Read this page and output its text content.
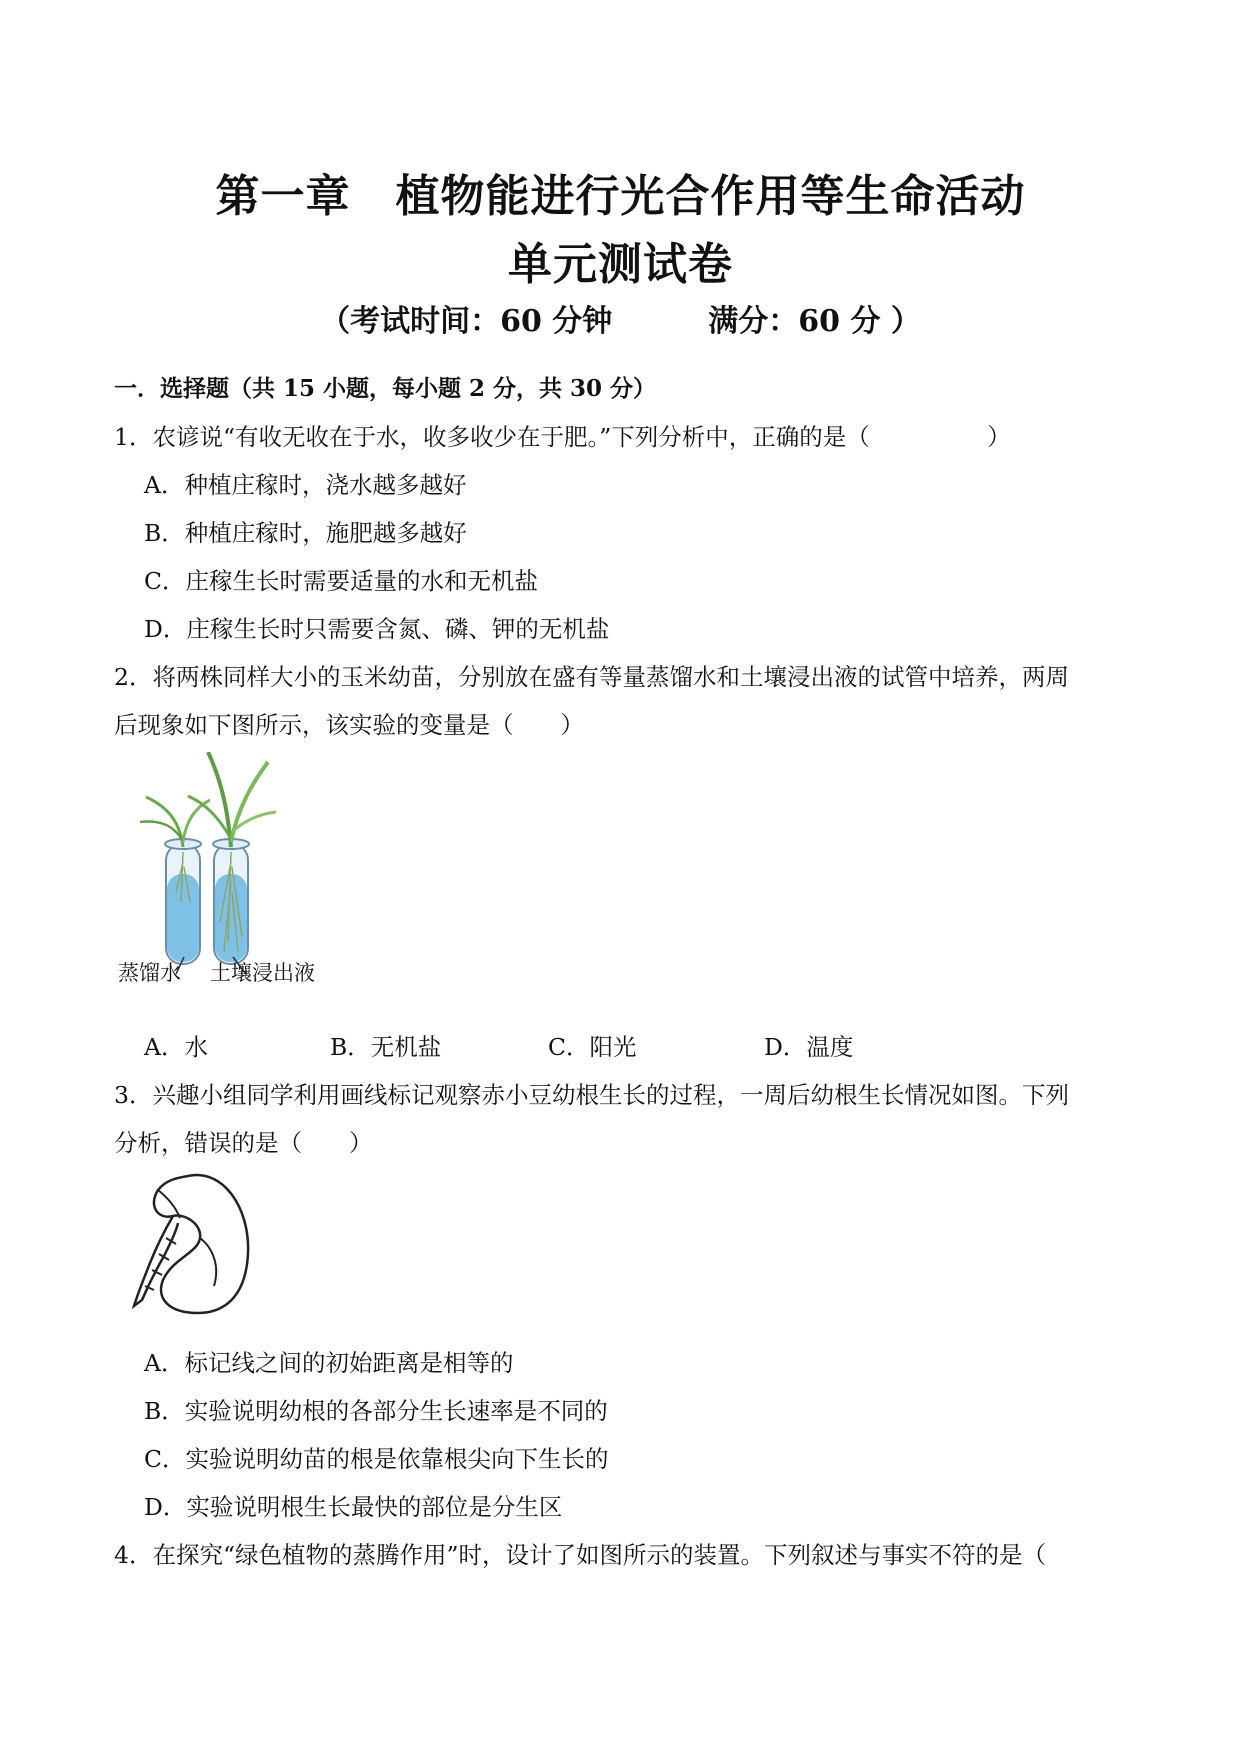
第一章　植物能进行光合作用等生命活动
单元测试卷
（考试时间：60 分钟	满分：60 分 ）
一．选择题（共 15 小题，每小题 2 分，共 30 分）
1．农谚说“有收无收在于水，收多收少在于肥。”下列分析中，正确的是（　　　　　）
A．种植庄稼时，浇水越多越好
B．种植庄稼时，施肥越多越好
C．庄稼生长时需要适量的水和无机盐
D．庄稼生长时只需要含氮、磷、钾的无机盐
2．将两株同样大小的玉米幼苗，分别放在盛有等量蒸馏水和土壤浸出液的试管中培养，两周
后现象如下图所示，该实验的变量是（　　）
蒸馏水 土壤浸出液
A．水	B．无机盐	C．阳光	D．温度
3．兴趣小组同学利用画线标记观察赤小豆幼根生长的过程，一周后幼根生长情况如图。下列
分析，错误的是（　　）
A．标记线之间的初始距离是相等的
B．实验说明幼根的各部分生长速率是不同的
C．实验说明幼苗的根是依靠根尖向下生长的
D．实验说明根生长最快的部位是分生区
4．在探究“绿色植物的蒸腾作用”时，设计了如图所示的装置。下列叙述与事实不符的是（
